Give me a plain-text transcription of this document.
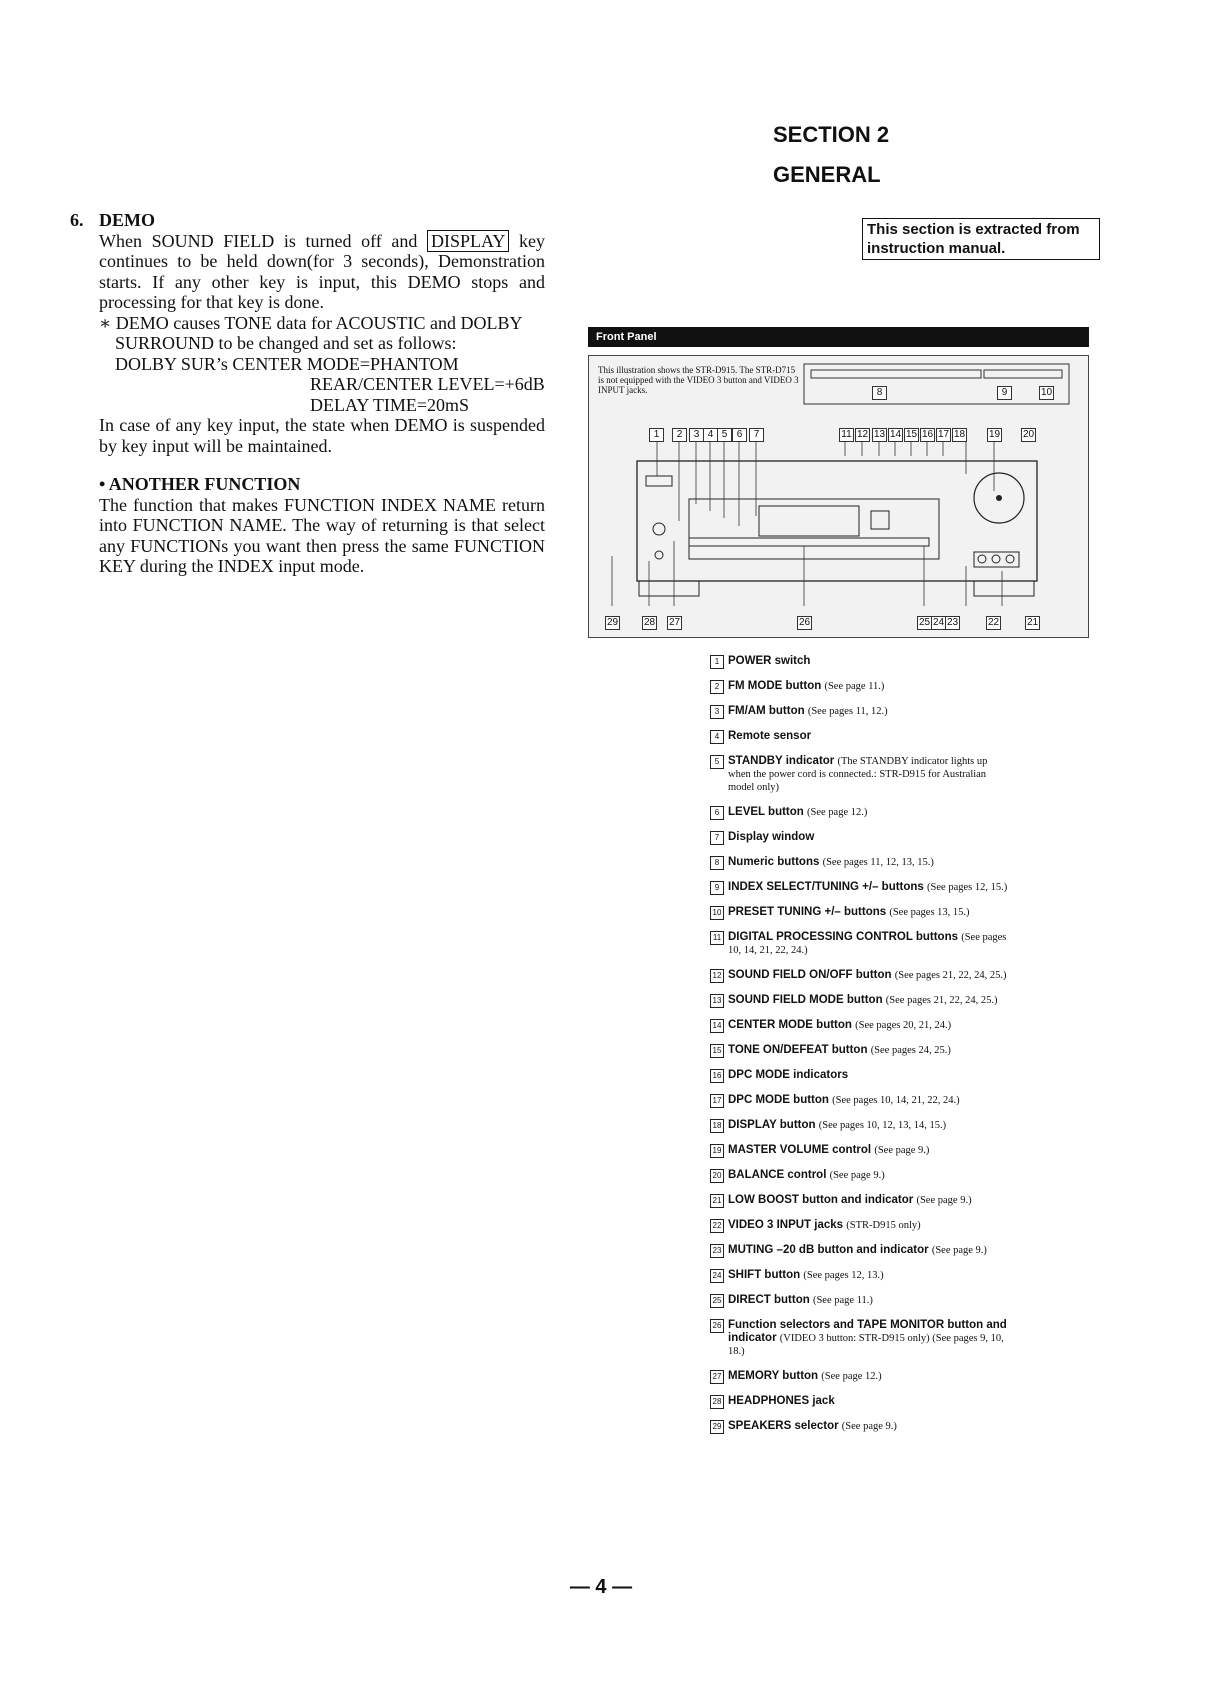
6. DEMO
When SOUND FIELD is turned off and DISPLAY key continues to be held down(for 3 seconds), Demonstration starts. If any other key is input, this DEMO stops and processing for that key is done.
∗ DEMO causes TONE data for ACOUSTIC and DOLBY
SURROUND to be changed and set as follows:
DOLBY SUR’s CENTER MODE=PHANTOM
REAR/CENTER LEVEL=+6dB
DELAY TIME=20mS
In case of any key input, the state when DEMO is suspended by key input will be maintained.
• ANOTHER FUNCTION
The function that makes FUNCTION INDEX NAME return into FUNCTION NAME. The way of returning is that select any FUNCTIONs you want then press the same FUNCTION KEY during the INDEX input mode.
SECTION 2
GENERAL
This section is extracted from instruction manual.
Front Panel
This illustration shows the STR-D915. The STR-D715 is not equipped with the VIDEO 3 button and VIDEO 3 INPUT jacks.	8	9	10
1	2	3 4 5 6	7	11 12 13 14 15 16 17 18 19 20
29	28 27	26	25 24 23	22	21
1 POWER switch
2 FM MODE button (See page 11.)
3 FM/AM button (See pages 11, 12.)
4 Remote sensor
5 STANDBY indicator (The STANDBY indicator lights up when the power cord is connected.: STR-D915 for Australian model only)
6 LEVEL button (See page 12.)
7 Display window
8 Numeric buttons (See pages 11, 12, 13, 15.)
9 INDEX SELECT/TUNING +/– buttons (See pages 12, 15.)
10 PRESET TUNING +/– buttons (See pages 13, 15.)
11 DIGITAL PROCESSING CONTROL buttons (See pages 10, 14, 21, 22, 24.)
12 SOUND FIELD ON/OFF button (See pages 21, 22, 24, 25.)
13 SOUND FIELD MODE button (See pages 21, 22, 24, 25.)
14 CENTER MODE button (See pages 20, 21, 24.)
15 TONE ON/DEFEAT button (See pages 24, 25.)
16 DPC MODE indicators
17 DPC MODE button (See pages 10, 14, 21, 22, 24.)
18 DISPLAY button (See pages 10, 12, 13, 14, 15.)
19 MASTER VOLUME control (See page 9.)
20 BALANCE control (See page 9.)
21 LOW BOOST button and indicator (See page 9.)
22 VIDEO 3 INPUT jacks (STR-D915 only)
23 MUTING –20 dB button and indicator (See page 9.)
24 SHIFT button (See pages 12, 13.)
25 DIRECT button (See page 11.)
26 Function selectors and TAPE MONITOR button and indicator (VIDEO 3 button: STR-D915 only) (See pages 9, 10, 18.)
27 MEMORY button (See page 12.)
28 HEADPHONES jack
29 SPEAKERS selector (See page 9.)
— 4 —
